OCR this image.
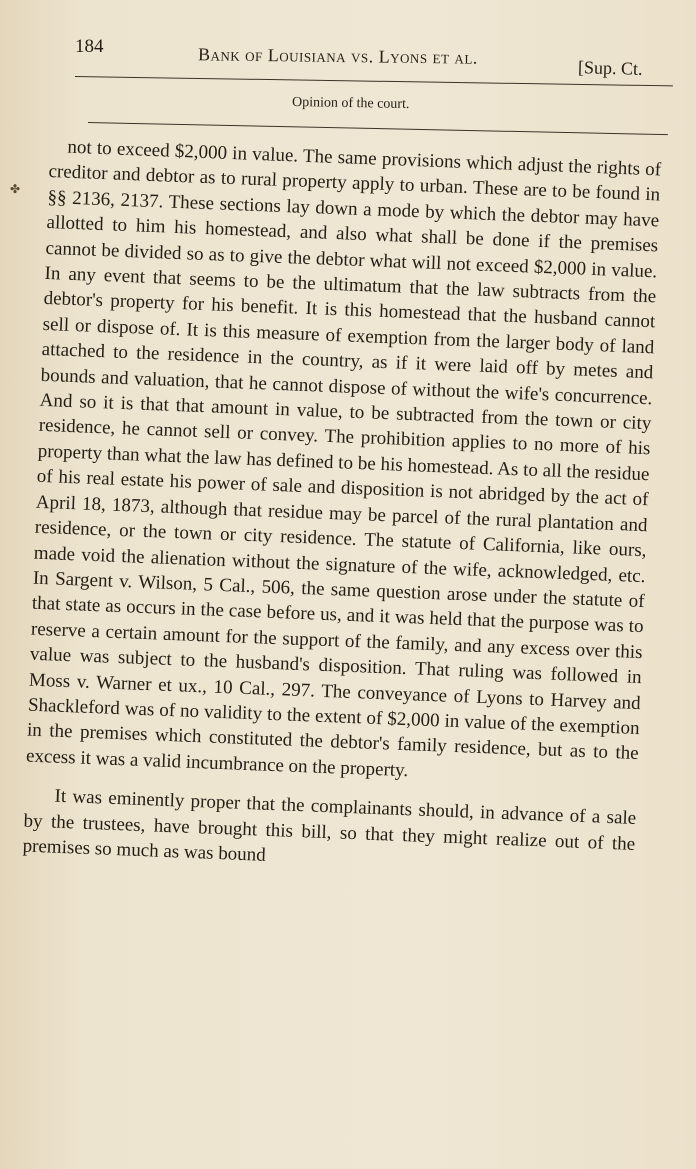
184	Bank of Louisiana vs. Lyons et al.
[Sup. Ct.
Opinion of the court.
✤

not to exceed $2,000 in value. The same provisions which adjust the rights of creditor and debtor as to rural property apply to urban. These are to be found in §§ 2136, 2137. These sections lay down a mode by which the debtor may have allotted to him his homestead, and also what shall be done if the premises cannot be divided so as to give the debtor what will not exceed $2,000 in value. In any event that seems to be the ultimatum that the law subtracts from the debtor's property for his benefit. It is this homestead that the husband cannot sell or dispose of. It is this measure of exemption from the larger body of land attached to the residence in the country, as if it were laid off by metes and bounds and valuation, that he cannot dispose of without the wife's concurrence. And so it is that that amount in value, to be subtracted from the town or city residence, he cannot sell or convey. The prohibition applies to no more of his property than what the law has defined to be his homestead. As to all the residue of his real estate his power of sale and disposition is not abridged by the act of April 18, 1873, although that residue may be parcel of the rural plantation and residence, or the town or city residence. The statute of California, like ours, made void the alienation without the signature of the wife, acknowledged, etc. In Sargent v. Wilson, 5 Cal., 506, the same question arose under the statute of that state as occurs in the case before us, and it was held that the purpose was to reserve a certain amount for the support of the family, and any excess over this value was subject to the husband's disposition. That ruling was followed in Moss v. Warner et ux., 10 Cal., 297. The conveyance of Lyons to Harvey and Shackleford was of no validity to the extent of $2,000 in value of the exemption in the premises which constituted the debtor's family residence, but as to the excess it was a valid incumbrance on the property.

It was eminently proper that the complainants should, in advance of a sale by the trustees, have brought this bill, so that they might realize out of the premises so much as was bound
